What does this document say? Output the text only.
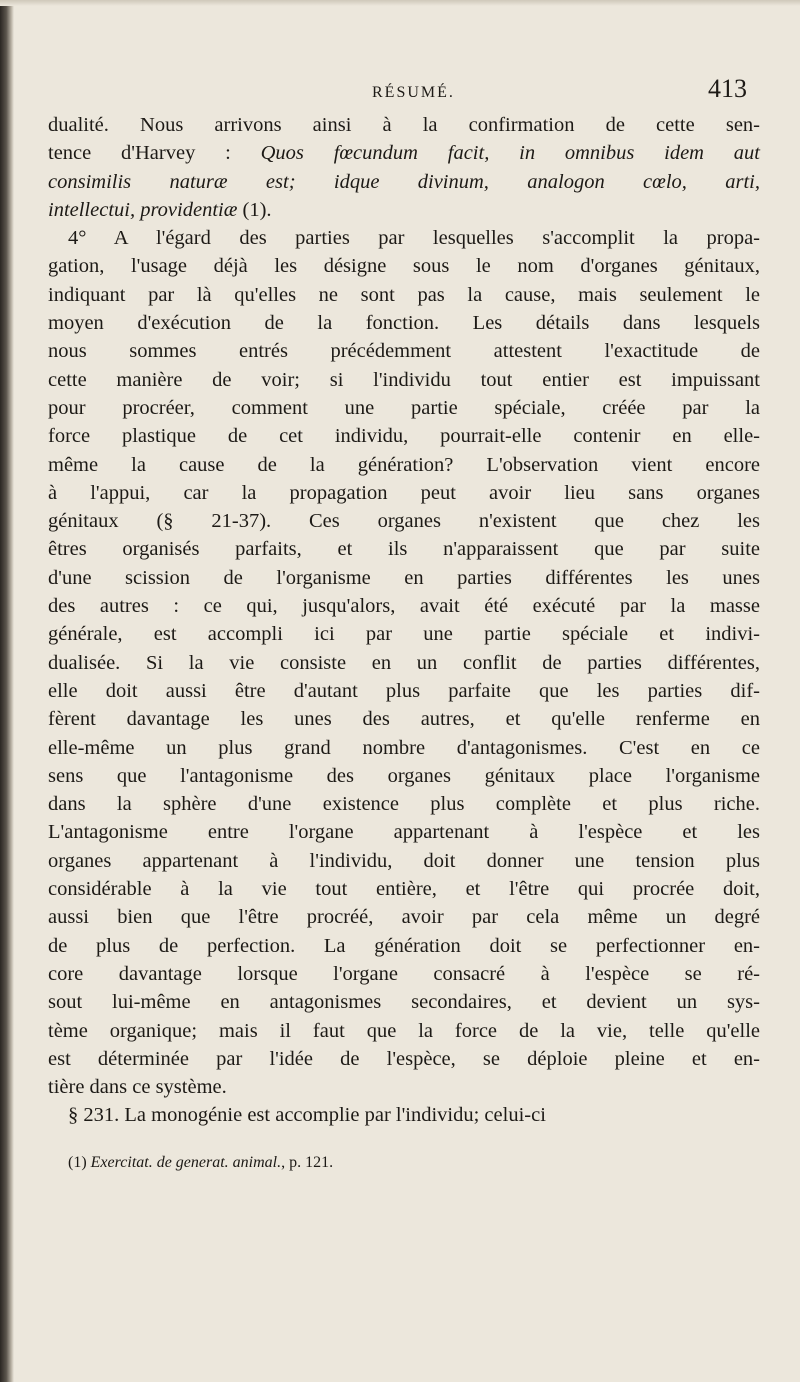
RÉSUMÉ.	413

dualité. Nous arrivons ainsi à la confirmation de cette sen-
tence d'Harvey : Quos fœcundum facit, in omnibus idem aut
consimilis naturæ est; idque divinum, analogon cœlo, arti,
intellectui, providentiæ (1).

4° A l'égard des parties par lesquelles s'accomplit la propa-
gation, l'usage déjà les désigne sous le nom d'organes génitaux,
indiquant par là qu'elles ne sont pas la cause, mais seulement le
moyen d'exécution de la fonction. Les détails dans lesquels
nous sommes entrés précédemment attestent l'exactitude de
cette manière de voir; si l'individu tout entier est impuissant
pour procréer, comment une partie spéciale, créée par la
force plastique de cet individu, pourrait-elle contenir en elle-
même la cause de la génération? L'observation vient encore
à l'appui, car la propagation peut avoir lieu sans organes
génitaux (§ 21-37). Ces organes n'existent que chez les
êtres organisés parfaits, et ils n'apparaissent que par suite
d'une scission de l'organisme en parties différentes les unes
des autres : ce qui, jusqu'alors, avait été exécuté par la masse
générale, est accompli ici par une partie spéciale et indivi-
dualisée. Si la vie consiste en un conflit de parties différentes,
elle doit aussi être d'autant plus parfaite que les parties dif-
fèrent davantage les unes des autres, et qu'elle renferme en
elle-même un plus grand nombre d'antagonismes. C'est en ce
sens que l'antagonisme des organes génitaux place l'organisme
dans la sphère d'une existence plus complète et plus riche.
L'antagonisme entre l'organe appartenant à l'espèce et les
organes appartenant à l'individu, doit donner une tension plus
considérable à la vie tout entière, et l'être qui procrée doit,
aussi bien que l'être procréé, avoir par cela même un degré
de plus de perfection. La génération doit se perfectionner en-
core davantage lorsque l'organe consacré à l'espèce se ré-
sout lui-même en antagonismes secondaires, et devient un sys-
tème organique; mais il faut que la force de la vie, telle qu'elle
est déterminée par l'idée de l'espèce, se déploie pleine et en-
tière dans ce système.

§ 231. La monogénie est accomplie par l'individu; celui-ci

(1) Exercitat. de generat. animal., p. 121.
